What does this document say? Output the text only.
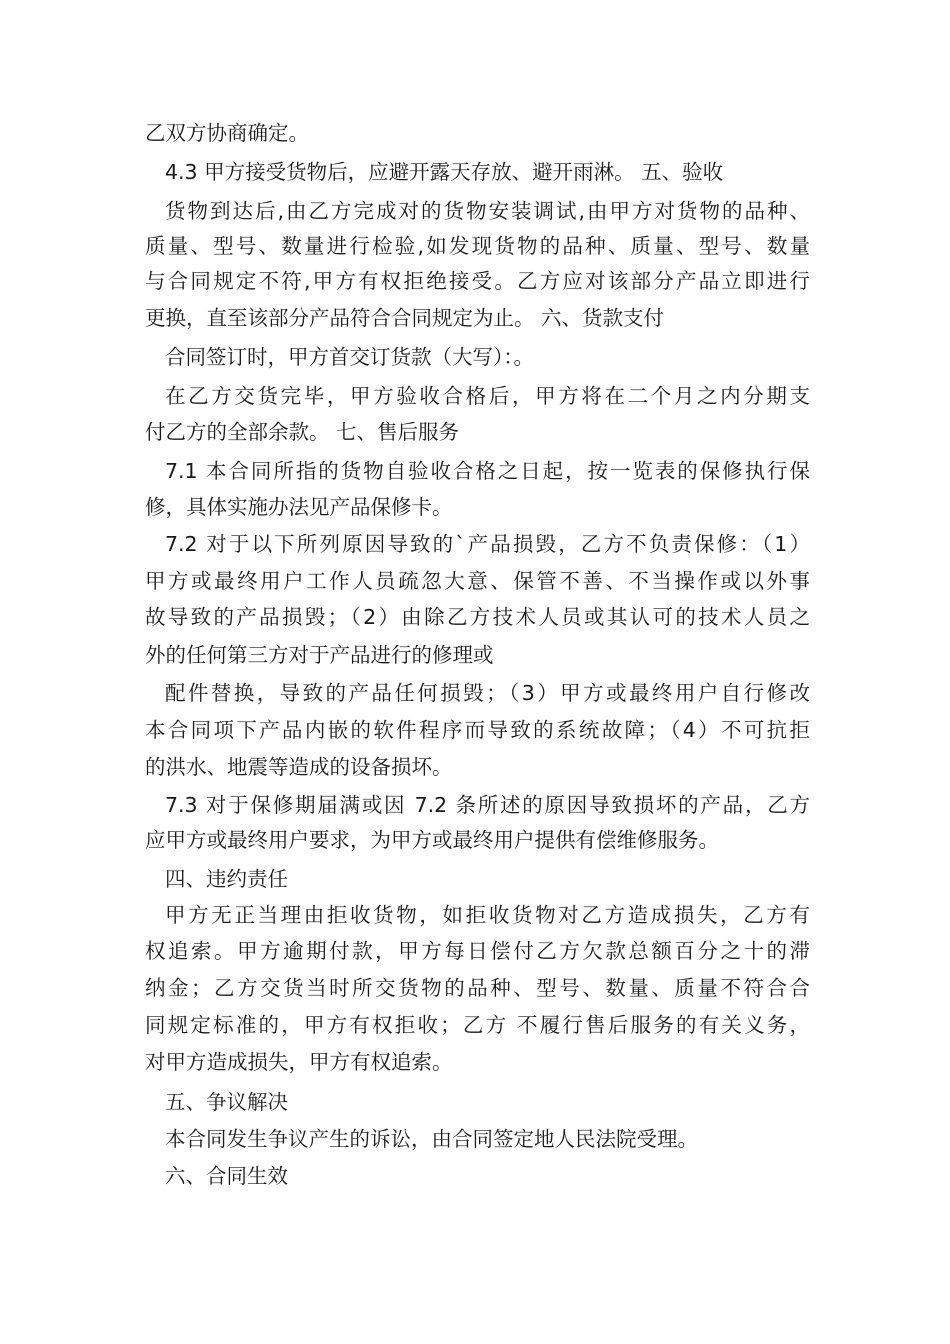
乙双方协商确定。
4.3 甲方接受货物后，应避开露天存放、避开雨淋。 五、验收
货物到达后,由乙方完成对的货物安装调试,由甲方对货物的品种、
质量、型号、数量进行检验,如发现货物的品种、质量、型号、数量
与合同规定不符,甲方有权拒绝接受。乙方应对该部分产品立即进行
更换，直至该部分产品符合合同规定为止。 六、货款支付
合同签订时，甲方首交订货款（大写）：。
在乙方交货完毕，甲方验收合格后，甲方将在二个月之内分期支
付乙方的全部余款。 七、售后服务
7.1 本合同所指的货物自验收合格之日起，按一览表的保修执行保
修，具体实施办法见产品保修卡。
7.2 对于以下所列原因导致的`产品损毁，乙方不负责保修：（1）
甲方或最终用户工作人员疏忽大意、保管不善、不当操作或以外事
故导致的产品损毁；（2）由除乙方技术人员或其认可的技术人员之
外的任何第三方对于产品进行的修理或
配件替换，导致的产品任何损毁；（3）甲方或最终用户自行修改
本合同项下产品内嵌的软件程序而导致的系统故障；（4）不可抗拒
的洪水、地震等造成的设备损坏。
7.3 对于保修期届满或因 7.2 条所述的原因导致损坏的产品，乙方
应甲方或最终用户要求，为甲方或最终用户提供有偿维修服务。
四、违约责任
甲方无正当理由拒收货物，如拒收货物对乙方造成损失，乙方有
权追索。甲方逾期付款，甲方每日偿付乙方欠款总额百分之十的滞
纳金；乙方交货当时所交货物的品种、型号、数量、质量不符合合
同规定标准的，甲方有权拒收；乙方 不履行售后服务的有关义务，
对甲方造成损失，甲方有权追索。
五、争议解决
本合同发生争议产生的诉讼，由合同签定地人民法院受理。
六、合同生效
